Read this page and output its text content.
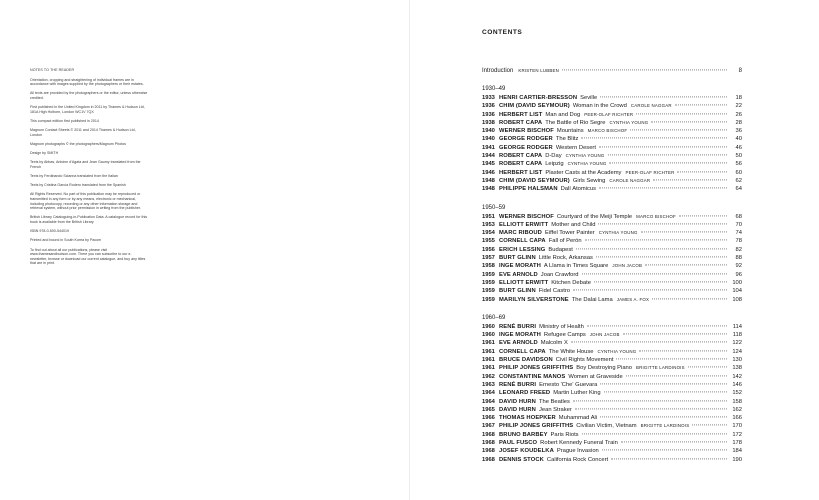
NOTES TO THE READER

Orientation, cropping and straightening of individual frames are in accordance with images supplied by the photographers or their estates.

All texts are provided by the photographers or the editor, unless otherwise credited.

First published in the United Kingdom in 2011 by Thames & Hudson Ltd, 181A High Holborn, London WC1V 7QX

This compact edition first published in 2014

Magnum Contact Sheets © 2011 and 2014 Thames & Hudson Ltd, London

Magnum photographs © the photographers/Magnum Photos

Design by SMITH

Texts by Abbas, Antoine d'Agata and Jean Gaumy translated from the French

Texts by Ferdinando Scianna translated from the Italian

Texts by Cristina García Rodero translated from the Spanish

All Rights Reserved. No part of this publication may be reproduced or transmitted in any form or by any means, electronic or mechanical, including photocopy, recording or any other information storage and retrieval system, without prior permission in writing from the publisher.

British Library Cataloguing-in-Publication Data. A catalogue record for this book is available from the British Library

ISBN 978-0-500-544019

Printed and bound in South Korea by Pacom

To find out about all our publications, please visit www.thamesandhudson.com. There you can subscribe to our e-newsletter, browse or download our current catalogue, and buy any titles that are in print.

CONTENTS
Introduction KRISTEN LUBBEN	8
1930–49
1933 HENRI CARTIER-BRESSON Seville	18
1936 CHIM (DAVID SEYMOUR) Woman in the Crowd CAROLE NAGGAR	22
1936 HERBERT LIST Man and Dog PEER-OLAF RICHTER	26
1938 ROBERT CAPA The Battle of Rio Segre CYNTHIA YOUNG	28
1940 WERNER BISCHOF Mountains MARCO BISCHOF	36
1940 GEORGE RODGER The Blitz	40
1941 GEORGE RODGER Western Desert	46
1944 ROBERT CAPA D-Day CYNTHIA YOUNG	50
1945 ROBERT CAPA Leipzig CYNTHIA YOUNG	56
1946 HERBERT LIST Plaster Casts at the Academy PEER-OLAF RICHTER	60
1948 CHIM (DAVID SEYMOUR) Girls Sewing CAROLE NAGGAR	62
1948 PHILIPPE HALSMAN Dalí Atomicus	64
1950–59
1951 WERNER BISCHOF Courtyard of the Meiji Temple MARCO BISCHOF	68
1953 ELLIOTT ERWITT Mother and Child	70
1954 MARC RIBOUD Eiffel Tower Painter CYNTHIA YOUNG	74
1955 CORNELL CAPA Fall of Perón	78
1956 ERICH LESSING Budapest	82
1957 BURT GLINN Little Rock, Arkansas	88
1958 INGE MORATH A Llama in Times Square JOHN JACOB	92
1959 EVE ARNOLD Joan Crawford	96
1959 ELLIOTT ERWITT Kitchen Debate	100
1959 BURT GLINN Fidel Castro	104
1959 MARILYN SILVERSTONE The Dalai Lama JAMES A. FOX	108
1960–69
1960 RENÉ BURRI Ministry of Health	114
1960 INGE MORATH Refugee Camps JOHN JACOB	118
1961 EVE ARNOLD Malcolm X	122
1961 CORNELL CAPA The White House CYNTHIA YOUNG	124
1961 BRUCE DAVIDSON Civil Rights Movement	130
1961 PHILIP JONES GRIFFITHS Boy Destroying Piano BRIGITTE LARDINOIS	138
1962 CONSTANTINE MANOS Women at Graveside	142
1963 RENÉ BURRI Ernesto 'Che' Guevara	146
1964 LEONARD FREED Martin Luther King	152
1964 DAVID HURN The Beatles	158
1965 DAVID HURN Jean Straker	162
1966 THOMAS HOEPKER Muhammad Ali	166
1967 PHILIP JONES GRIFFITHS Civilian Victim, Vietnam BRIGITTE LARDINOIS	170
1968 BRUNO BARBEY Paris Riots	172
1968 PAUL FUSCO Robert Kennedy Funeral Train	178
1968 JOSEF KOUDELKA Prague Invasion	184
1968 DENNIS STOCK California Rock Concert	190
